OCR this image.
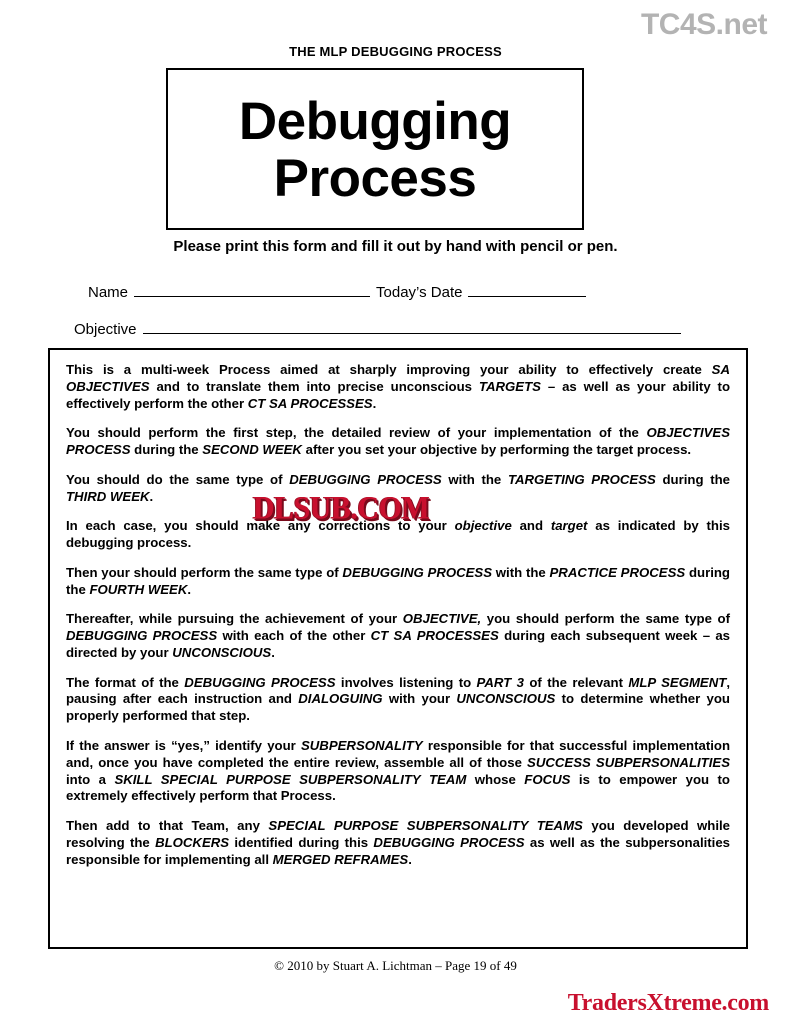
TC4S.net
THE MLP DEBUGGING PROCESS
Debugging
Process
Please print this form and fill it out by hand with pencil or pen.
Name	Today’s Date
Objective

This is a multi-week Process aimed at sharply improving your ability to effectively create SA OBJECTIVES and to translate them into precise unconscious TARGETS – as well as your ability to effectively perform the other CT SA PROCESSES.

You should perform the first step, the detailed review of your implementation of the OBJECTIVES PROCESS during the SECOND WEEK after you set your objective by performing the target process.

You should do the same type of DEBUGGING PROCESS with the TARGETING PROCESS during the THIRD WEEK.

In each case, you should make any corrections to your objective and target as indicated by this debugging process.

Then your should perform the same type of DEBUGGING PROCESS with the PRACTICE PROCESS during the FOURTH WEEK.

Thereafter, while pursuing the achievement of your OBJECTIVE, you should perform the same type of DEBUGGING PROCESS with each of the other CT SA PROCESSES during each subsequent week – as directed by your UNCONSCIOUS.

The format of the DEBUGGING PROCESS involves listening to PART 3 of the relevant MLP SEGMENT, pausing after each instruction and DIALOGUING with your UNCONSCIOUS to determine whether you properly performed that step.

If the answer is “yes,” identify your SUBPERSONALITY responsible for that successful implementation and, once you have completed the entire review, assemble all of those SUCCESS SUBPERSONALITIES into a SKILL SPECIAL PURPOSE SUBPERSONALITY TEAM whose FOCUS is to empower you to extremely effectively perform that Process.

Then add to that Team, any SPECIAL PURPOSE SUBPERSONALITY TEAMS you developed while resolving the BLOCKERS identified during this DEBUGGING PROCESS as well as the subpersonalities responsible for implementing all MERGED REFRAMES.

DLSUB.COM
© 2010 by Stuart A. Lichtman – Page 19 of 49
TradersXtreme.com
